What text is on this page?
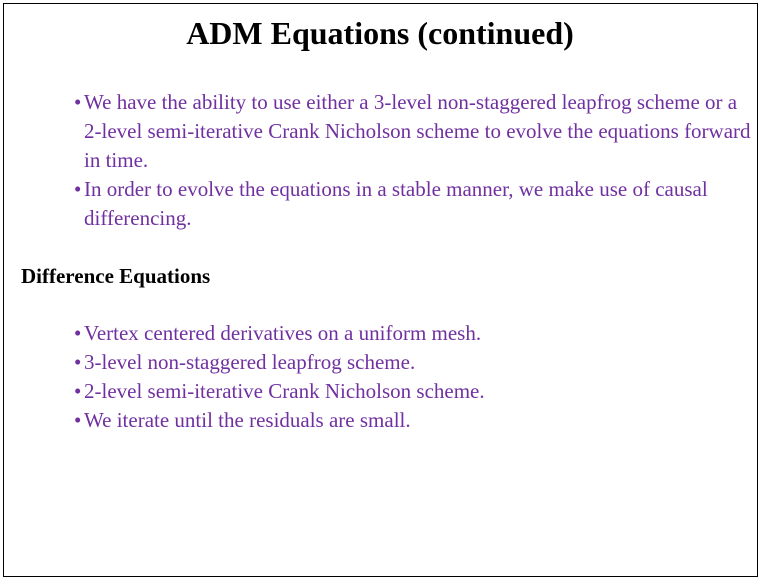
ADM Equations (continued)
• We have the ability to use either a 3-level non-staggered leapfrog scheme or a 2-level semi-iterative Crank Nicholson scheme to evolve the equations forward in time.
• In order to evolve the equations in a stable manner, we make use of causal differencing.
Difference Equations
• Vertex centered derivatives on a uniform mesh.
• 3-level non-staggered leapfrog scheme.
• 2-level semi-iterative Crank Nicholson scheme.
• We iterate until the residuals are small.
